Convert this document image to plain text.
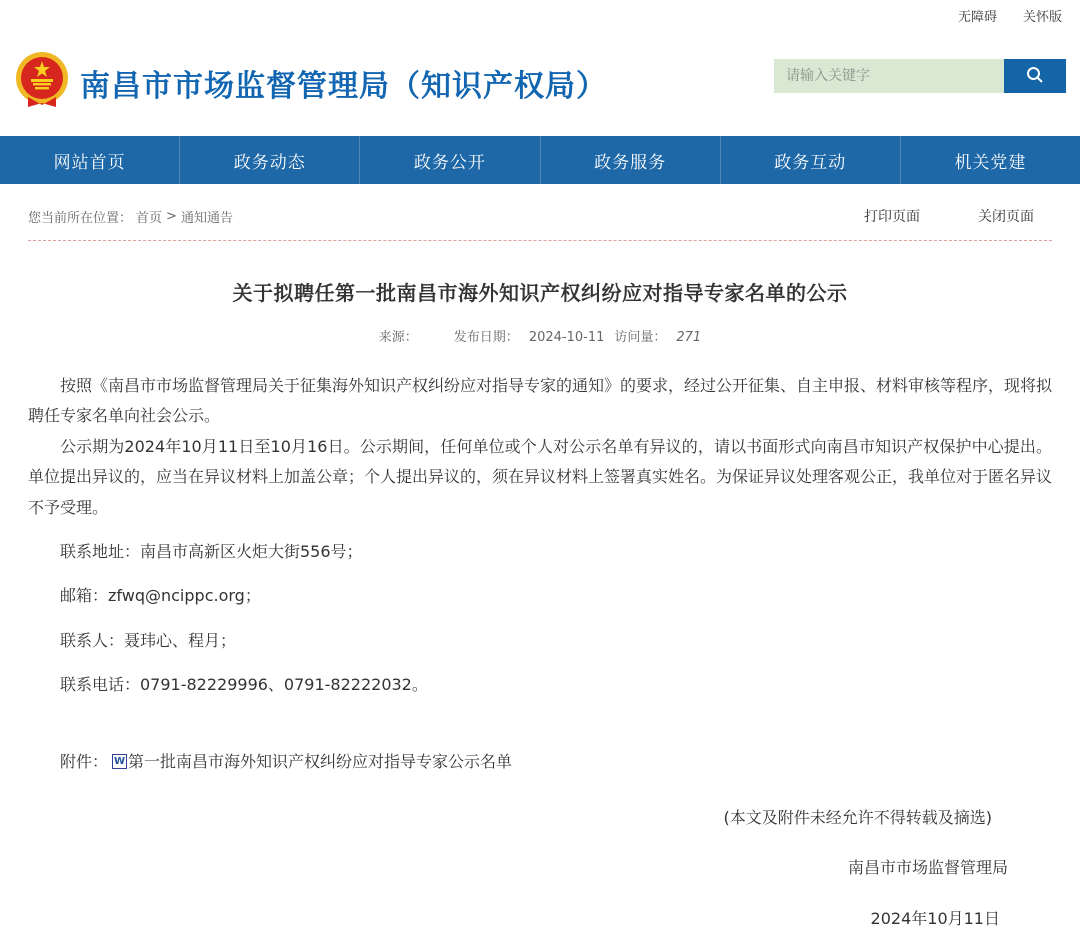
无障碍 关怀版
南昌市市场监督管理局（知识产权局）
请输入关键字
网站首页	政务动态	政务公开	政务服务	政务互动	机关党建
您当前所在位置： 首页 > 通知通告	打印页面	关闭页面
关于拟聘任第一批南昌市海外知识产权纠纷应对指导专家名单的公示
来源：	发布日期： 2024-10-11 访问量： 271

按照《南昌市市场监督管理局关于征集海外知识产权纠纷应对指导专家的通知》的要求，经过公开征集、自主申报、材料审核等程序，现将拟聘任专家名单向社会公示。

公示期为2024年10月11日至10月16日。公示期间，任何单位或个人对公示名单有异议的，请以书面形式向南昌市知识产权保护中心提出。单位提出异议的，应当在异议材料上加盖公章；个人提出异议的，须在异议材料上签署真实姓名。为保证异议处理客观公正，我单位对于匿名异议不予受理。

联系地址：南昌市高新区火炬大街556号；

邮箱：zfwq@ncippc.org；

联系人：聂玮心、程月；

联系电话：0791-82229996、0791-82222032。

附件： W 第一批南昌市海外知识产权纠纷应对指导专家公示名单
(本文及附件未经允许不得转载及摘选)
南昌市市场监督管理局
2024年10月11日
